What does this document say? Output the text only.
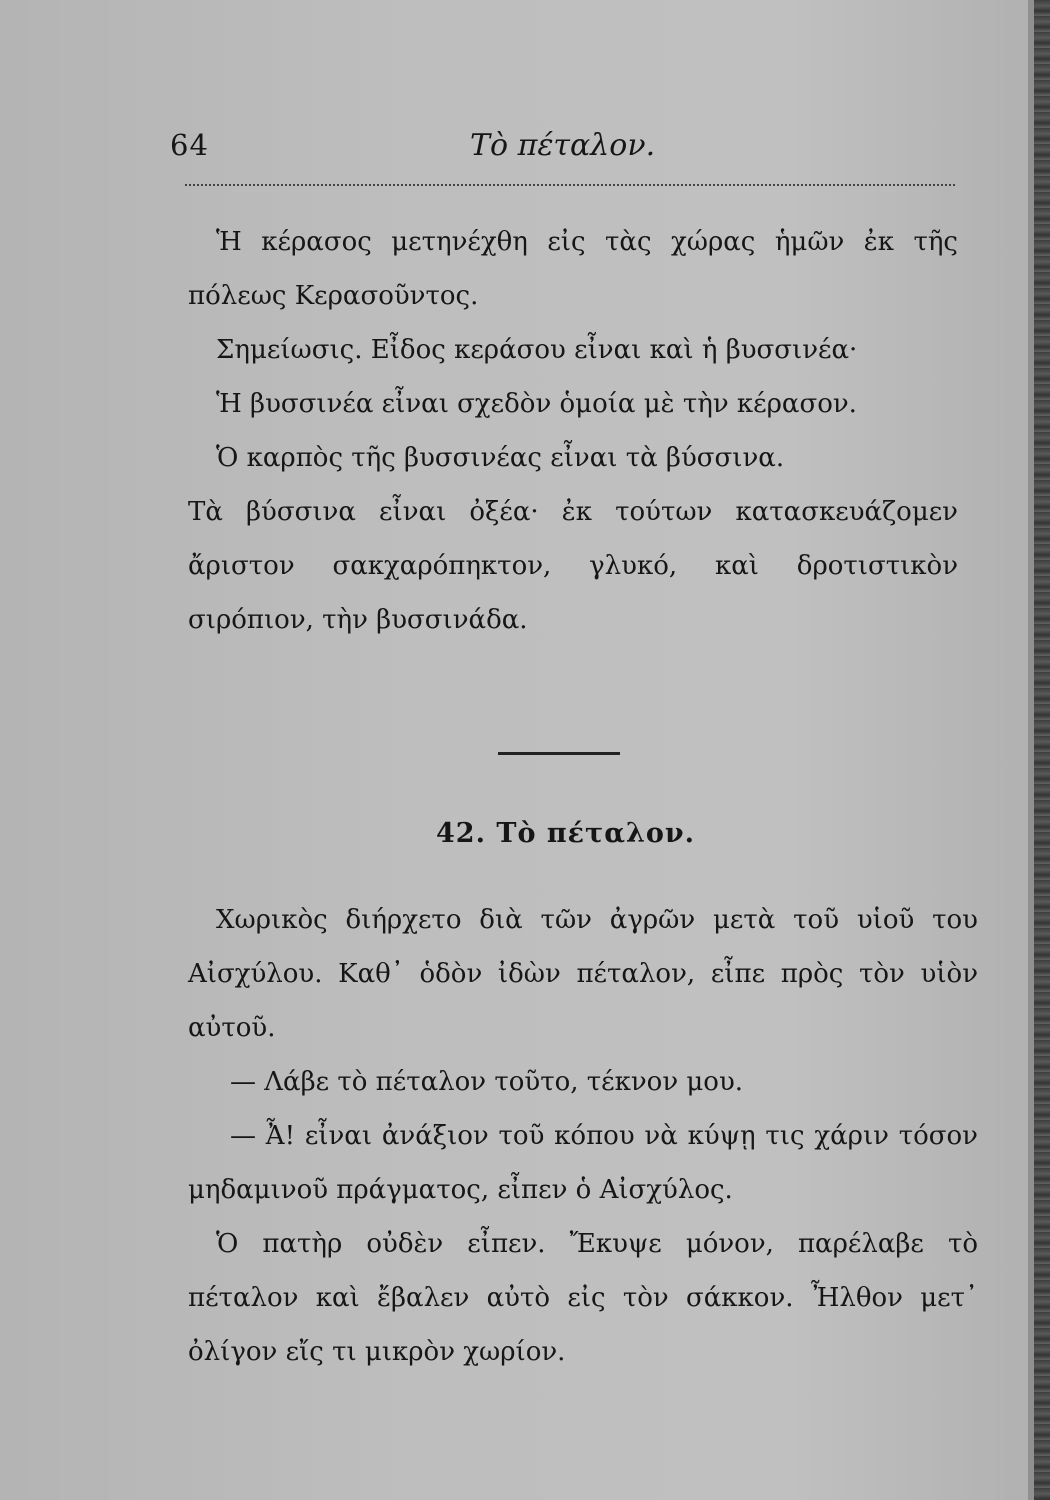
64	Τὸ πέταλον.
Ἡ κέρασος μετηνέχθη εἰς τὰς χώρας ἡμῶν ἐκ τῆς πόλεως Κερασοῦντος.
Σημείωσις. Εἶδος κεράσου εἶναι καὶ ἡ βυσσινέα·
Ἡ βυσσινέα εἶναι σχεδὸν ὁμοία μὲ τὴν κέρασον.
Ὁ καρπὸς τῆς βυσσινέας εἶναι τὰ βύσσινα.
Τὰ βύσσινα εἶναι ὀξέα· ἐκ τούτων κατασκευάζομεν ἄριστον σακχαρόπηκτον, γλυκό, καὶ δροτιστικὸν σιρόπιον, τὴν βυσσινάδα.
42. Τὸ πέταλον.
Χωρικὸς διήρχετο διὰ τῶν ἀγρῶν μετὰ τοῦ υἱοῦ του Αἰσχύλου. Καθ᾽ ὁδὸν ἰδὼν πέταλον, εἶπε πρὸς τὸν υἱὸν αὐτοῦ.
— Λάβε τὸ πέταλον τοῦτο, τέκνον μου.
— Ἆ! εἶναι ἀνάξιον τοῦ κόπου νὰ κύψῃ τις χάριν τόσον μηδαμινοῦ πράγματος, εἶπεν ὁ Αἰσχύλος.
Ὁ πατὴρ οὐδὲν εἶπεν. Ἔκυψε μόνον, παρέλαβε τὸ πέταλον καὶ ἔβαλεν αὐτὸ εἰς τὸν σάκκον. Ἦλθον μετ᾽ ὀλίγον εἴς τι μικρὸν χωρίον.
